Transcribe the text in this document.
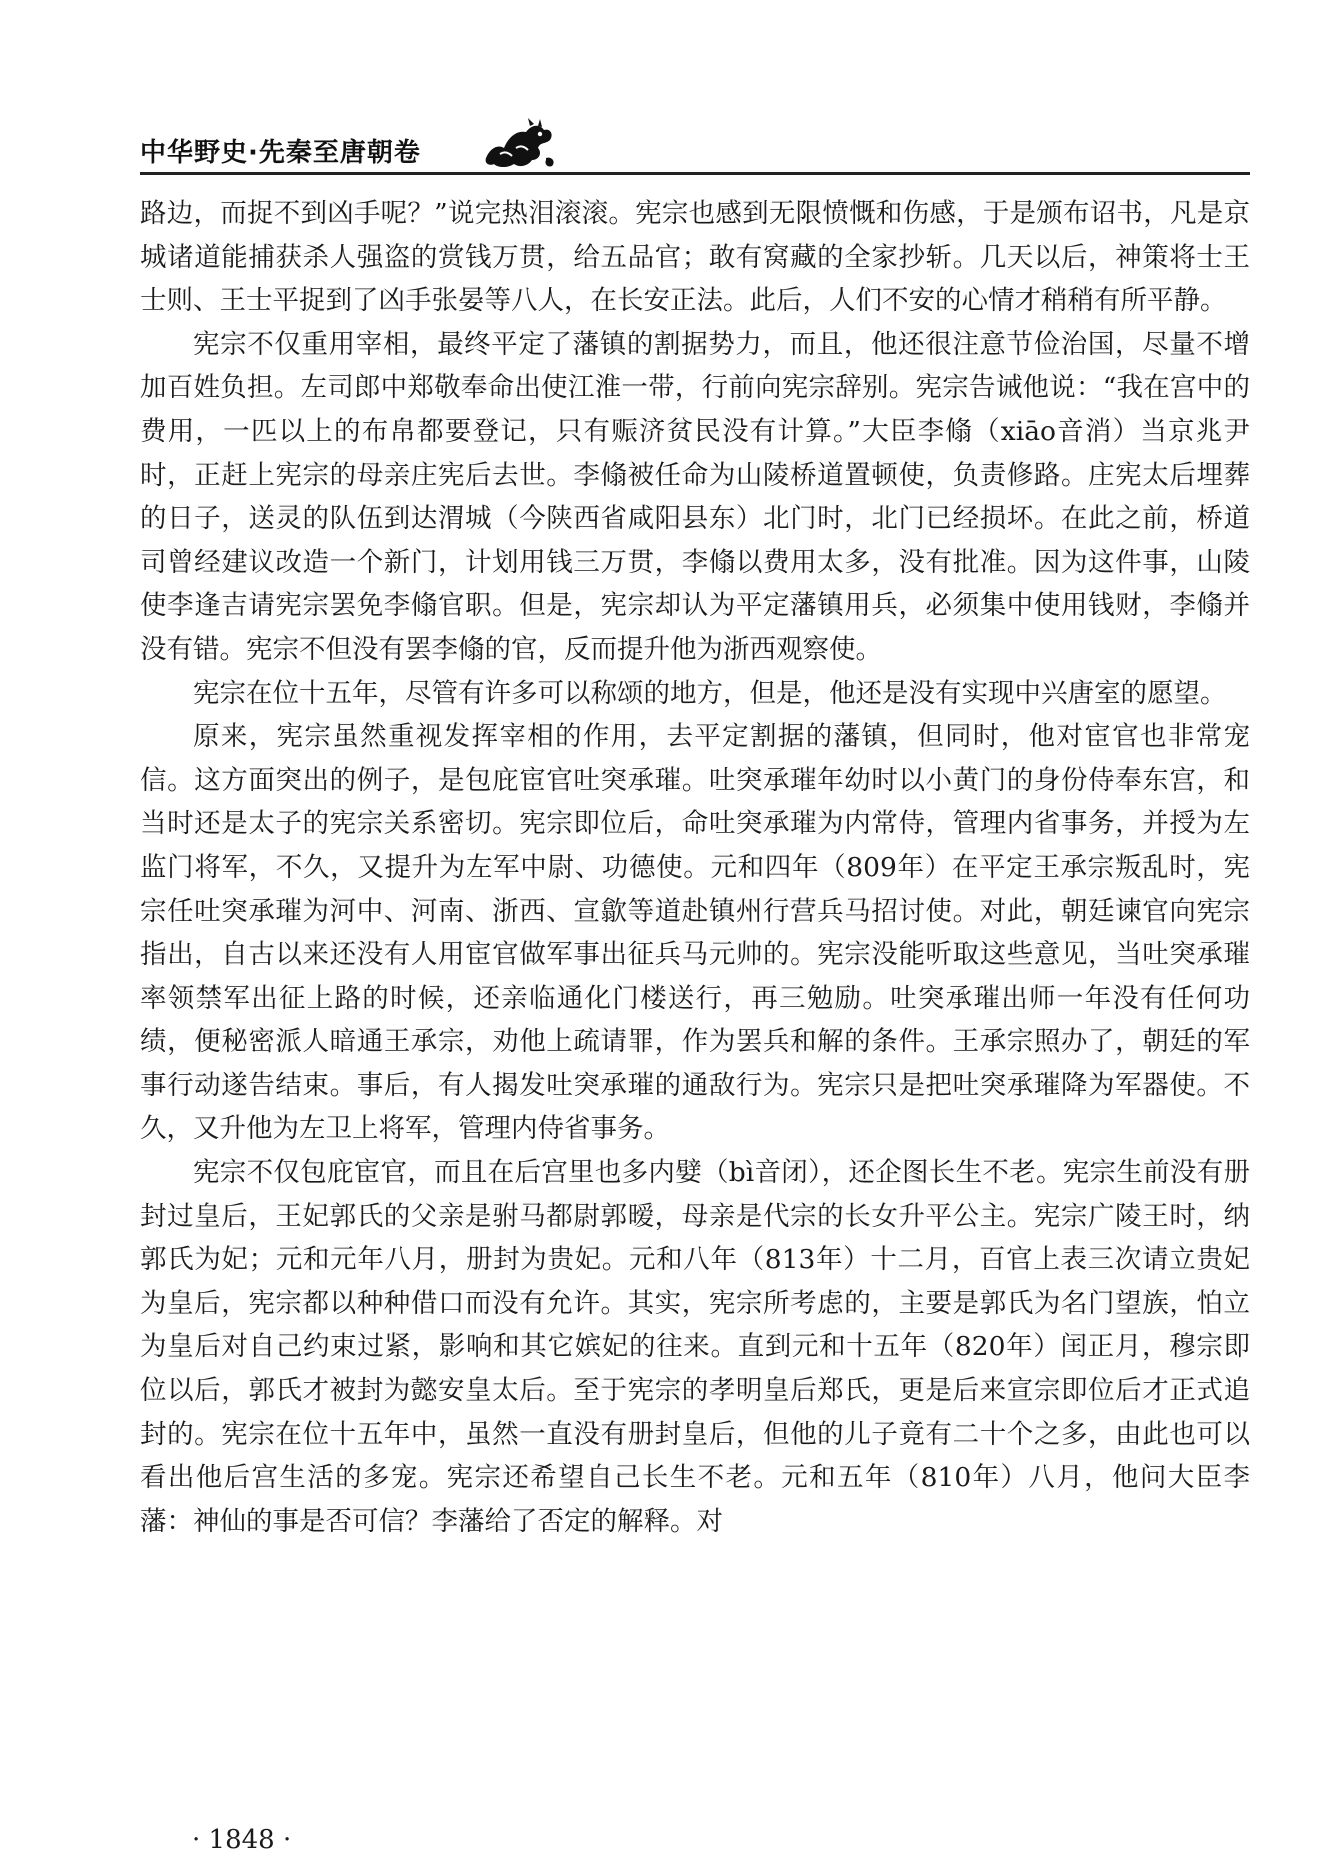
中华野史·先秦至唐朝卷

路边，而捉不到凶手呢？”说完热泪滚滚。宪宗也感到无限愤慨和伤感，于是颁布诏书，凡是京城诸道能捕获杀人强盗的赏钱万贯，给五品官；敢有窝藏的全家抄斩。几天以后，神策将士王士则、王士平捉到了凶手张晏等八人，在长安正法。此后，人们不安的心情才稍稍有所平静。

宪宗不仅重用宰相，最终平定了藩镇的割据势力，而且，他还很注意节俭治国，尽量不增加百姓负担。左司郎中郑敬奉命出使江淮一带，行前向宪宗辞别。宪宗告诫他说：“我在宫中的费用，一匹以上的布帛都要登记，只有赈济贫民没有计算。”大臣李翛（xiāo音消）当京兆尹时，正赶上宪宗的母亲庄宪后去世。李翛被任命为山陵桥道置顿使，负责修路。庄宪太后埋葬的日子，送灵的队伍到达渭城（今陕西省咸阳县东）北门时，北门已经损坏。在此之前，桥道司曾经建议改造一个新门，计划用钱三万贯，李翛以费用太多，没有批准。因为这件事，山陵使李逢吉请宪宗罢免李翛官职。但是，宪宗却认为平定藩镇用兵，必须集中使用钱财，李翛并没有错。宪宗不但没有罢李翛的官，反而提升他为浙西观察使。

宪宗在位十五年，尽管有许多可以称颂的地方，但是，他还是没有实现中兴唐室的愿望。

原来，宪宗虽然重视发挥宰相的作用，去平定割据的藩镇，但同时，他对宦官也非常宠信。这方面突出的例子，是包庇宦官吐突承璀。吐突承璀年幼时以小黄门的身份侍奉东宫，和当时还是太子的宪宗关系密切。宪宗即位后，命吐突承璀为内常侍，管理内省事务，并授为左监门将军，不久，又提升为左军中尉、功德使。元和四年（809年）在平定王承宗叛乱时，宪宗任吐突承璀为河中、河南、浙西、宣歙等道赴镇州行营兵马招讨使。对此，朝廷谏官向宪宗指出，自古以来还没有人用宦官做军事出征兵马元帅的。宪宗没能听取这些意见，当吐突承璀率领禁军出征上路的时候，还亲临通化门楼送行，再三勉励。吐突承璀出师一年没有任何功绩，便秘密派人暗通王承宗，劝他上疏请罪，作为罢兵和解的条件。王承宗照办了，朝廷的军事行动遂告结束。事后，有人揭发吐突承璀的通敌行为。宪宗只是把吐突承璀降为军器使。不久，又升他为左卫上将军，管理内侍省事务。

宪宗不仅包庇宦官，而且在后宫里也多内嬖（bì音闭），还企图长生不老。宪宗生前没有册封过皇后，王妃郭氏的父亲是驸马都尉郭暧，母亲是代宗的长女升平公主。宪宗广陵王时，纳郭氏为妃；元和元年八月，册封为贵妃。元和八年（813年）十二月，百官上表三次请立贵妃为皇后，宪宗都以种种借口而没有允许。其实，宪宗所考虑的，主要是郭氏为名门望族，怕立为皇后对自己约束过紧，影响和其它嫔妃的往来。直到元和十五年（820年）闰正月，穆宗即位以后，郭氏才被封为懿安皇太后。至于宪宗的孝明皇后郑氏，更是后来宣宗即位后才正式追封的。宪宗在位十五年中，虽然一直没有册封皇后，但他的儿子竟有二十个之多，由此也可以看出他后宫生活的多宠。宪宗还希望自己长生不老。元和五年（810年）八月，他问大臣李藩：神仙的事是否可信？李藩给了否定的解释。对

· 1848 ·
